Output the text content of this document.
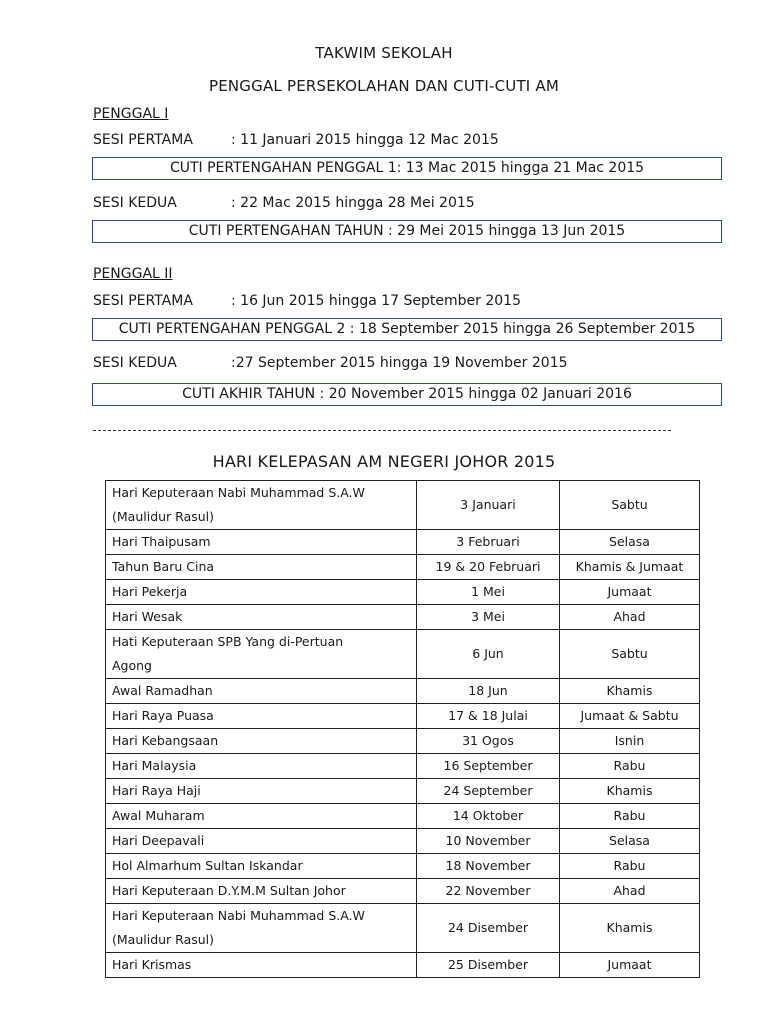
TAKWIM SEKOLAH
PENGGAL PERSEKOLAHAN DAN CUTI-CUTI AM
PENGGAL I
SESI PERTAMA	: 11 Januari 2015 hingga 12 Mac 2015
CUTI PERTENGAHAN PENGGAL 1: 13 Mac 2015 hingga 21 Mac 2015
SESI KEDUA	: 22 Mac 2015 hingga 28 Mei 2015
CUTI PERTENGAHAN TAHUN : 29 Mei 2015 hingga 13 Jun 2015
PENGGAL II
SESI PERTAMA	: 16 Jun 2015 hingga 17 September 2015
CUTI PERTENGAHAN PENGGAL 2 : 18 September 2015 hingga 26 September 2015
SESI KEDUA	:27 September 2015 hingga 19 November 2015
CUTI AKHIR TAHUN : 20 November 2015 hingga 02 Januari 2016
HARI KELEPASAN AM NEGERI JOHOR 2015
Hari Keputeraan Nabi Muhammad S.A.W
(Maulidur Rasul)	3 Januari	Sabtu

Hari Thaipusam	3 Februari	Selasa

Tahun Baru Cina	19 & 20 Februari	Khamis & Jumaat

Hari Pekerja	1 Mei	Jumaat

Hari Wesak	3 Mei	Ahad

Hati Keputeraan SPB Yang di-Pertuan
Agong	6 Jun	Sabtu

Awal Ramadhan	18 Jun	Khamis

Hari Raya Puasa	17 & 18 Julai	Jumaat & Sabtu

Hari Kebangsaan	31 Ogos	Isnin

Hari Malaysia	16 September	Rabu

Hari Raya Haji	24 September	Khamis

Awal Muharam	14 Oktober	Rabu

Hari Deepavali	10 November	Selasa

Hol Almarhum Sultan Iskandar	18 November	Rabu

Hari Keputeraan D.Y.M.M Sultan Johor	22 November	Ahad

Hari Keputeraan Nabi Muhammad S.A.W
(Maulidur Rasul)	24 Disember	Khamis

Hari Krismas	25 Disember	Jumaat
